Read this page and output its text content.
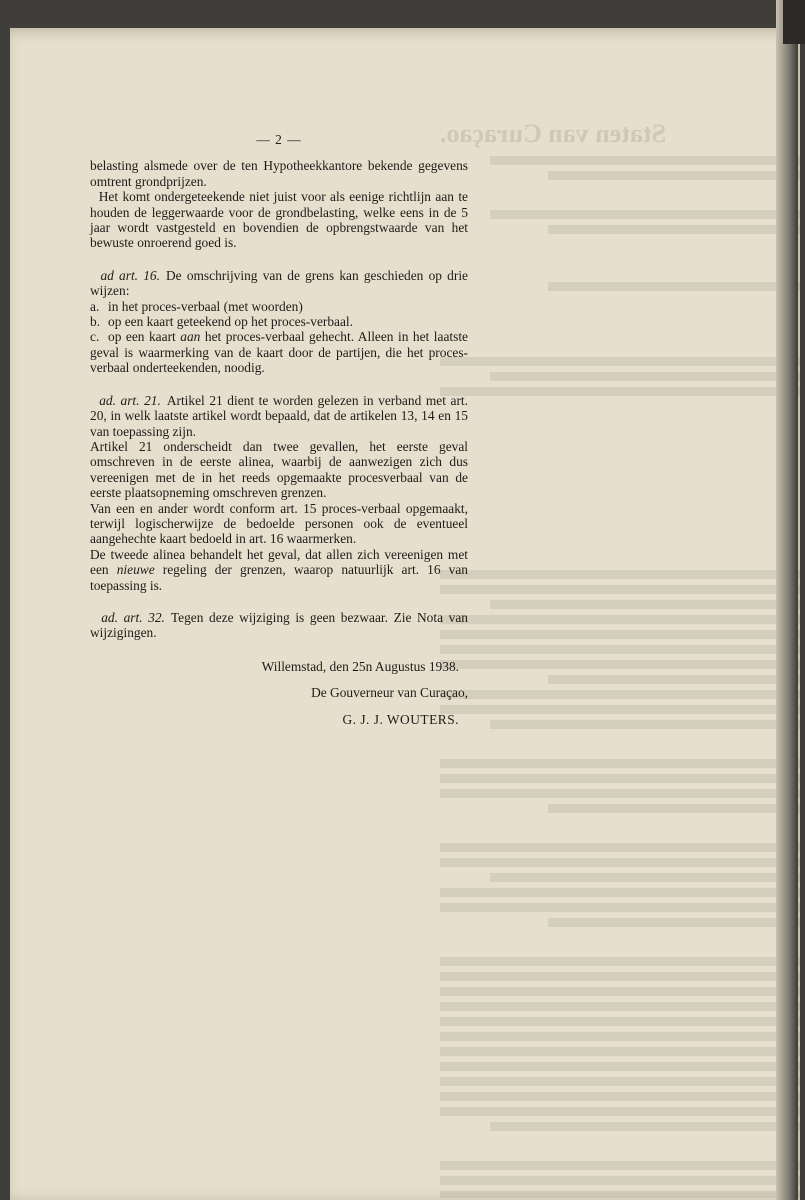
Staten van Curaçao.
— 2 —

belasting alsmede over de ten Hypotheekkantore bekende gegevens omtrent grondprijzen.

Het komt ondergeteekende niet juist voor als eenige richtlijn aan te houden de leggerwaarde voor de grondbelasting, welke eens in de 5 jaar wordt vastgesteld en bovendien de opbrengstwaarde van het bewuste onroerend goed is.

ad art. 16. De omschrijving van de grens kan geschieden op drie wijzen:

a. in het proces-verbaal (met woorden)

b. op een kaart geteekend op het proces-verbaal.

c. op een kaart aan het proces-verbaal gehecht. Alleen in het laatste geval is waarmerking van de kaart door de partijen, die het proces-verbaal onderteekenden, noodig.

ad. art. 21. Artikel 21 dient te worden gelezen in verband met art. 20, in welk laatste artikel wordt bepaald, dat de artikelen 13, 14 en 15 van toepassing zijn.

Artikel 21 onderscheidt dan twee gevallen, het eerste geval omschreven in de eerste alinea, waarbij de aanwezigen zich dus vereenigen met de in het reeds opgemaakte procesverbaal van de eerste plaatsopneming omschreven grenzen.

Van een en ander wordt conform art. 15 proces-verbaal opgemaakt, terwijl logischerwijze de bedoelde personen ook de eventueel aangehechte kaart bedoeld in art. 16 waarmerken.

De tweede alinea behandelt het geval, dat allen zich vereenigen met een nieuwe regeling der grenzen, waarop natuurlijk art. 16 van toepassing is.

ad. art. 32. Tegen deze wijziging is geen bezwaar. Zie Nota van wijzigingen.

Willemstad, den 25n Augustus 1938.

De Gouverneur van Curaçao,

G. J. J. WOUTERS.
